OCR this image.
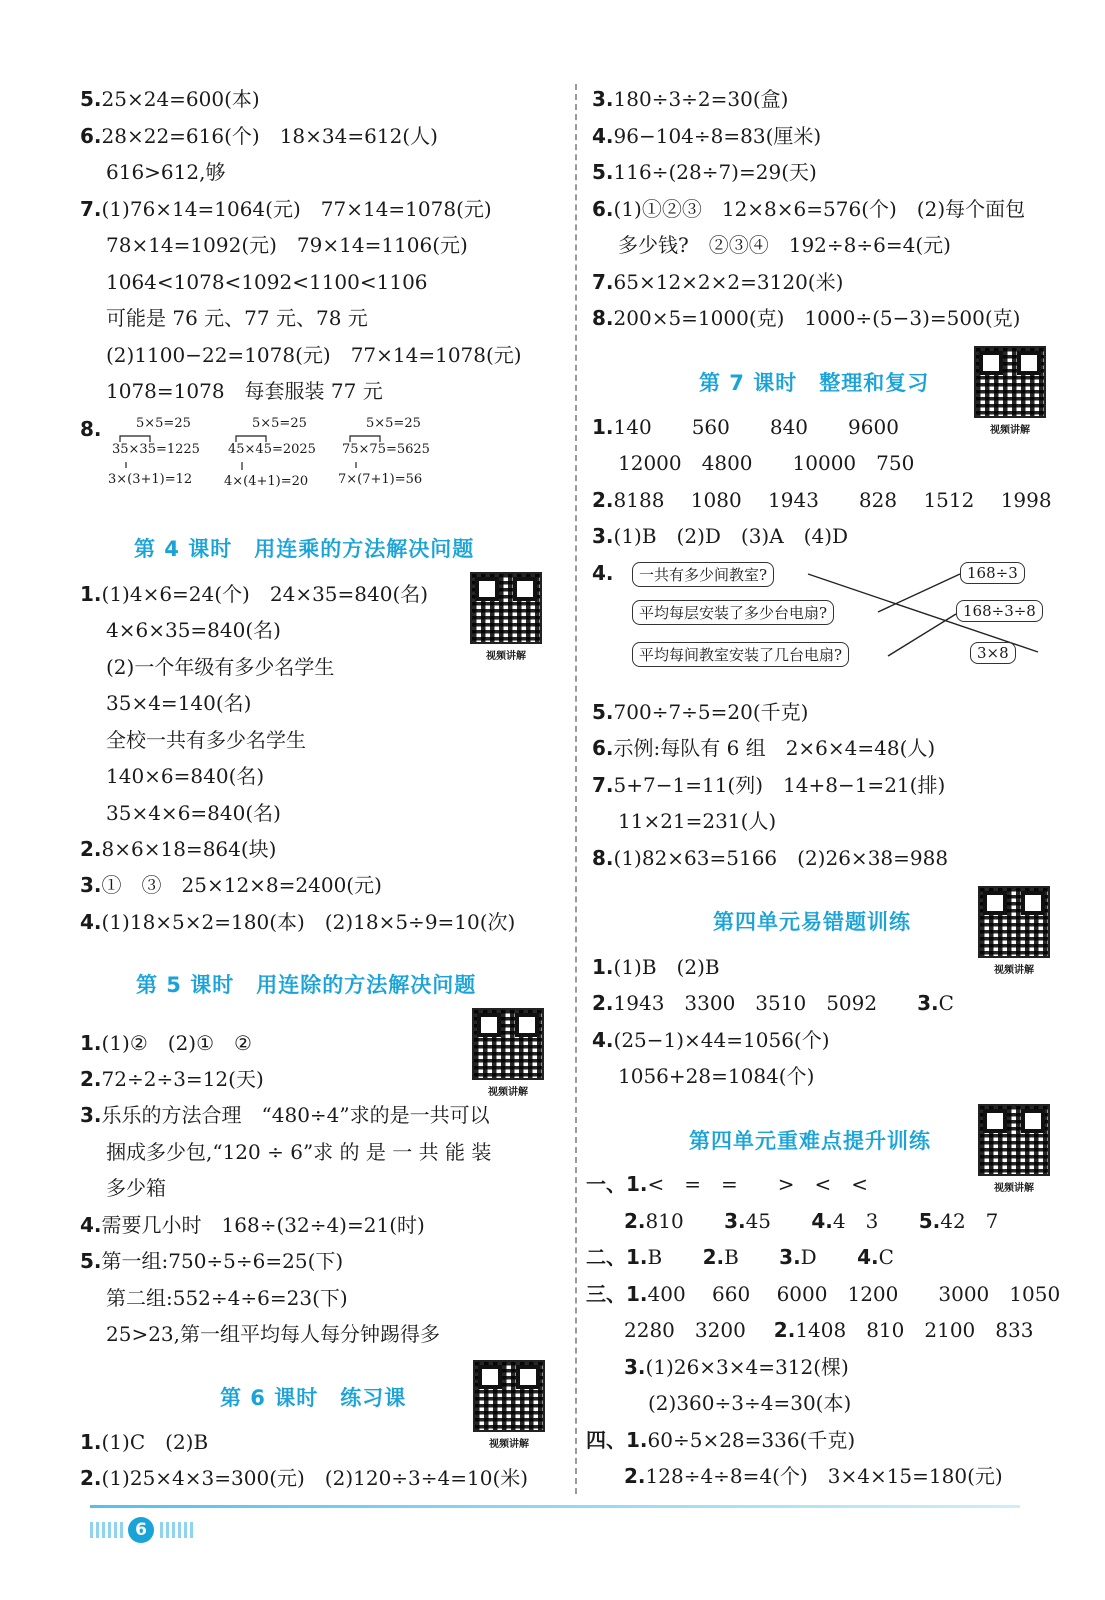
5.25×24=600(本)
6.28×22=616(个)　18×34=612(人)
616>612,够
7.(1)76×14=1064(元)　77×14=1078(元)
78×14=1092(元)　79×14=1106(元)
1064<1078<1092<1100<1106
可能是 76 元、77 元、78 元
(2)1100−22=1078(元)　77×14=1078(元)
1078=1078　每套服装 77 元
8.	5×5=25
35×35=1225
3×(3+1)=12
5×5=25
45×45=2025
4×(4+1)=20
5×5=25
75×75=5625
7×(7+1)=56
第 4 课时　用连乘的方法解决问题
视频讲解
1.(1)4×6=24(个)　24×35=840(名)
4×6×35=840(名)
(2)一个年级有多少名学生
35×4=140(名)
全校一共有多少名学生
140×6=840(名)
35×4×6=840(名)
2.8×6×18=864(块)
3.①　③　25×12×8=2400(元)
4.(1)18×5×2=180(本)　(2)18×5÷9=10(次)
第 5 课时　用连除的方法解决问题
视频讲解
1.(1)②　(2)①　②
2.72÷2÷3=12(天)
3.乐乐的方法合理　“480÷4”求的是一共可以
捆成多少包,“120 ÷ 6”求 的 是 一 共 能 装
多少箱
4.需要几小时　168÷(32÷4)=21(时)
5.第一组:750÷5÷6=25(下)
第二组:552÷4÷6=23(下)
25>23,第一组平均每人每分钟踢得多
第 6 课时　练习课
视频讲解
1.(1)C　(2)B
2.(1)25×4×3=300(元)　(2)120÷3÷4=10(米)
3.180÷3÷2=30(盒)
4.96−104÷8=83(厘米)
5.116÷(28÷7)=29(天)
6.(1)①②③　12×8×6=576(个)　(2)每个面包
多少钱?　②③④　192÷8÷6=4(元)
7.65×12×2×2=3120(米)
8.200×5=1000(克)　1000÷(5−3)=500(克)
第 7 课时　整理和复习
视频讲解
1.140　　560　　840　　9600
12000　4800　　10000　750
2.8188　 1080　 1943　　828　 1512　 1998
3.(1)B　(2)D　(3)A　(4)D
4.	一共有多少间教室?
平均每层安装了多少台电扇?
平均每间教室安装了几台电扇?
168÷3
168÷3÷8
3×8
5.700÷7÷5=20(千克)
6.示例:每队有 6 组　2×6×4=48(人)
7.5+7−1=11(列)　14+8−1=21(排)
11×21=231(人)
8.(1)82×63=5166　(2)26×38=988
第四单元易错题训练
视频讲解
1.(1)B　(2)B
2.1943　3300　3510　5092 3.C
4.(25−1)×44=1056(个)
1056+28=1084(个)
第四单元重难点提升训练
视频讲解
一、1.<　=　=　　>　<　<
2.810 3.45 4.4　3 5.42　7
二、1.B 2.B 3.D 4.C
三、1.400　 660　 6000　1200　　3000　1050
2280　3200 2.1408　810　2100　833
3.(1)26×3×4=312(棵)
(2)360÷3÷4=30(本)
四、1.60÷5×28=336(千克)
2.128÷4÷8=4(个)　3×4×15=180(元)
6
